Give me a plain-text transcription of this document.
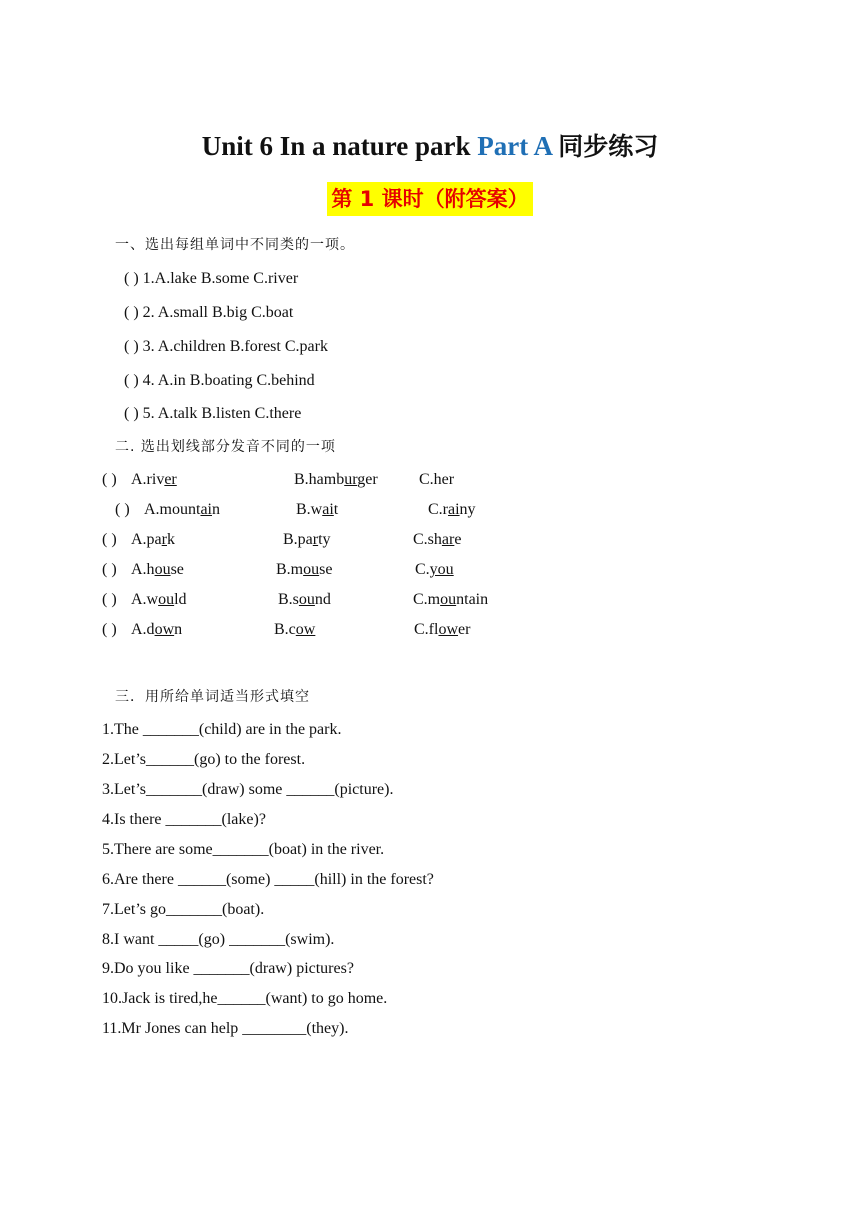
Unit 6 In a nature park Part A 同步练习
第 1 课时（附答案）
一、选出每组单词中不同类的一项。
( ) 1.A.lake B.some C.river
( ) 2. A.small B.big C.boat
( ) 3. A.children B.forest C.park
( ) 4. A.in B.boating C.behind
( ) 5. A.talk B.listen C.there
二. 选出划线部分发音不同的一项
( ) A.river	B.hamburger	C.her
( ) A.mountain	B.wait	C.rainy
( ) A.park	B.party	C.share
( ) A.house	B.mouse	C.you
( ) A.would	B.sound	C.mountain
( ) A.down	B.cow	C.flower
三．用所给单词适当形式填空
1.The _______(child) are in the park.
2.Let’s______(go) to the forest.
3.Let’s_______(draw) some ______(picture).
4.Is there _______(lake)?
5.There are some_______(boat) in the river.
6.Are there ______(some) _____(hill) in the forest?
7.Let’s go_______(boat).
8.I want _____(go) _______(swim).
9.Do you like _______(draw) pictures?
10.Jack is tired,he______(want) to go home.
11.Mr Jones can help ________(they).
